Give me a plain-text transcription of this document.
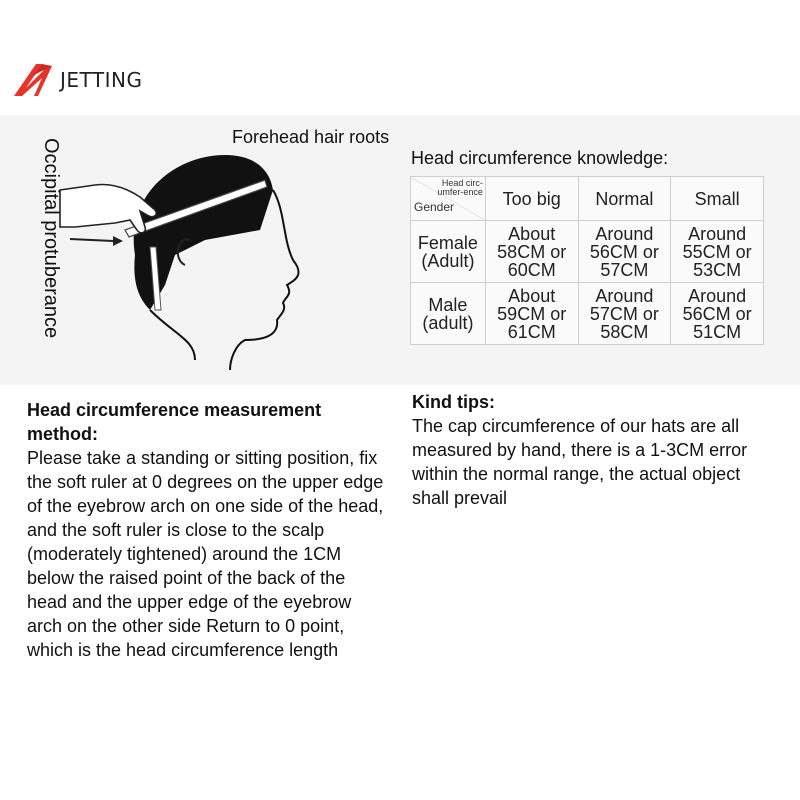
JETTING
Forehead hair roots
Occipital protuberance	Head circumference knowledge:
Head circ-umfer-ence
Gender	Too big	Normal	Small
Female (Adult)	About 58CM or 60CM	Around 56CM or 57CM	Around 55CM or 53CM
Male (adult)	About 59CM or 61CM	Around 57CM or 58CM	Around 56CM or 51CM
Head circumference measurement method:
Please take a standing or sitting position, fix the soft ruler at 0 degrees on the upper edge of the eyebrow arch on one side of the head, and the soft ruler is close to the scalp (moderately tightened) around the 1CM below the raised point of the back of the head and the upper edge of the eyebrow arch on the other side Return to 0 point, which is the head circumference length
Kind tips:
The cap circumference of our hats are all measured by hand, there is a 1-3CM error within the normal range, the actual object shall prevail
